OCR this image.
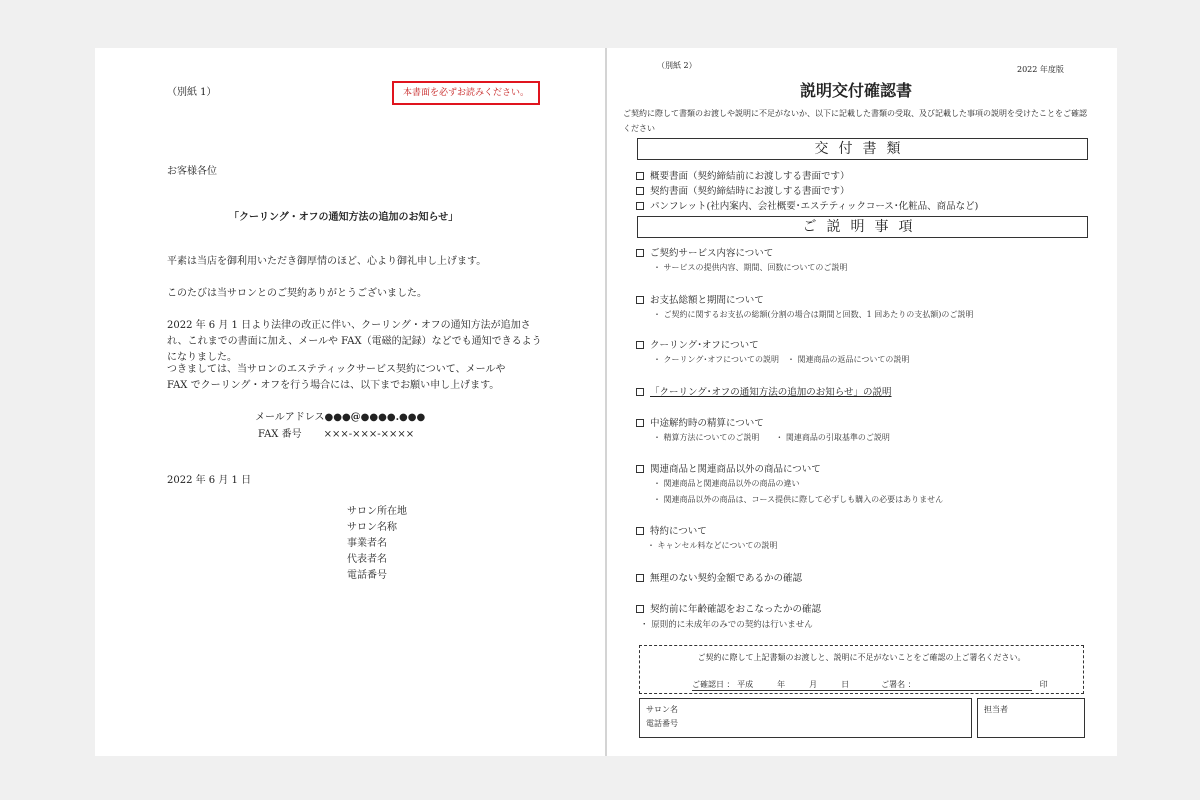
（別紙 1）	本書面を必ずお読みください。
お客様各位
「クーリング・オフの通知方法の追加のお知らせ」
平素は当店を御利用いただき御厚情のほど、心より御礼申し上げます。
このたびは当サロンとのご契約ありがとうございました。
2022 年 6 月 1 日より法律の改正に伴い、クーリング・オフの通知方法が追加され、これまでの書面に加え、メールや FAX（電磁的記録）などでも通知できるようになりました。
つきましては、当サロンのエステティックサービス契約について、メールや FAX でクーリング・オフを行う場合には、以下までお願い申し上げます。
メールアドレス●●●@●●●●.●●●
FAX 番号 ×××-×××-××××
2022 年 6 月 1 日
サロン所在地
サロン名称
事業者名
代表者名
電話番号
（別紙 2）	2022 年度版
説明交付確認書
ご契約に際して書類のお渡しや説明に不足がないか、以下に記載した書類の受取、及び記載した事項の説明を受けたことをご確認ください
交付書類
概要書面（契約締結前にお渡しする書面です）
契約書面（契約締結時にお渡しする書面です）
パンフレット(社内案内、会社概要･エステティックコース･化粧品、商品など)
ご説明事項
ご契約サービス内容について
・ サービスの提供内容、期間、回数についてのご説明
お支払総額と期間について
・ ご契約に関するお支払の総額(分割の場合は期間と回数、1 回あたりの支払額)のご説明
クーリング･オフについて
・ クーリング･オフについての説明　・ 関連商品の返品についての説明
「クーリング･オフの通知方法の追加のお知らせ」の説明
中途解約時の精算について
・ 精算方法についてのご説明　　・ 関連商品の引取基準のご説明
関連商品と関連商品以外の商品について
・ 関連商品と関連商品以外の商品の違い
・ 関連商品以外の商品は、コース提供に際して必ずしも購入の必要はありません
特約について
・ キャンセル料などについての説明
無理のない契約金額であるかの確認
契約前に年齢確認をおこなったかの確認
・ 原則的に未成年のみでの契約は行いません
ご契約に際して上記書類のお渡しと、説明に不足がないことをご確認の上ご署名ください。
ご確認日 ： 平成　　　年　　　月　　　日　　　　ご署名 ：　　　　　　　　　　　　　　　　印
サロン名
電話番号
担当者
